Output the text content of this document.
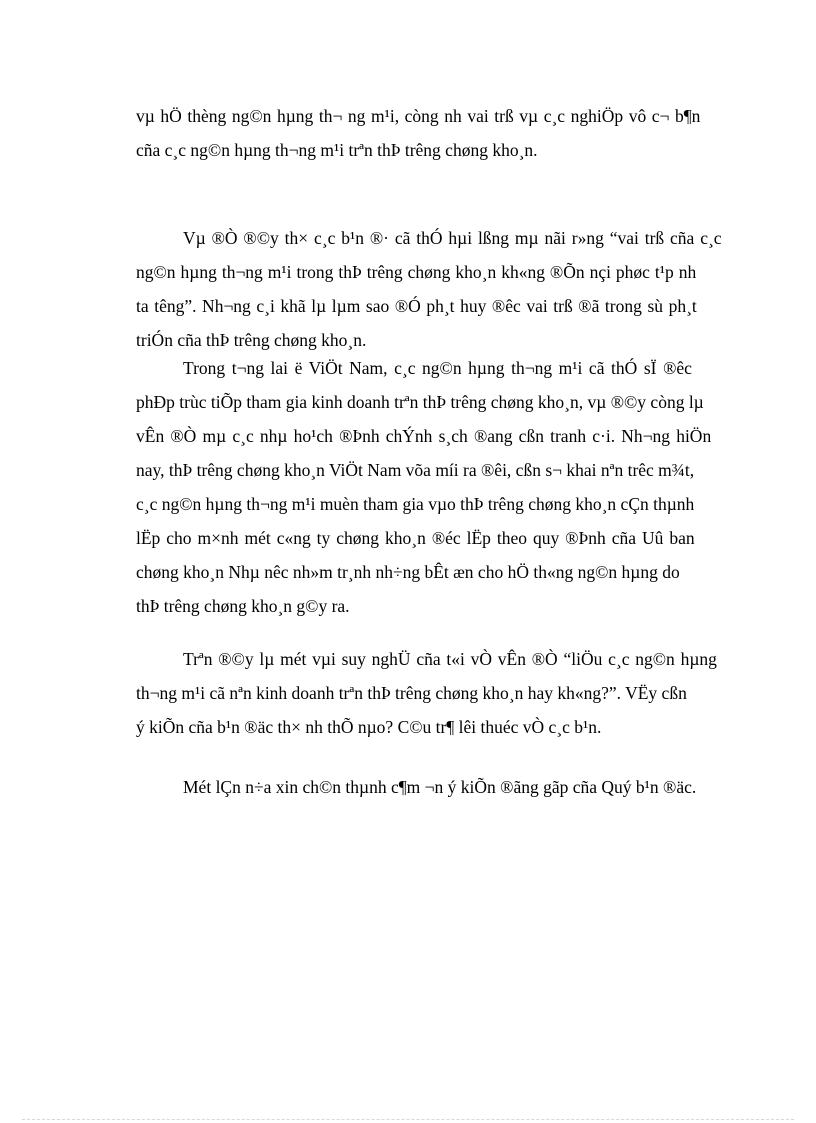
vµ hÖ thèng ng©n hµng th¬ ng m¹i, còng nh vai trß vµ c¸c nghiÖp vô c¬ b¶n
cña c¸c ng©n hµng th¬ng m¹i trªn thÞ trêng chøng kho¸n.
Vµ ®Ò ®©y th× c¸c b¹n ®· cã thÓ hµi lßng mµ nãi r»ng “vai trß cña c¸c
ng©n hµng th¬ng m¹i trong thÞ trêng chøng kho¸n kh«ng ®Õn nçi phøc t¹p nh
ta têng”. Nh¬ng c¸i khã lµ lµm sao ®Ó ph¸t huy ®êc vai trß ®ã trong sù ph¸t
triÓn cña thÞ trêng chøng kho¸n.
Trong t¬ng lai ë ViÖt Nam, c¸c ng©n hµng th¬ng m¹i cã thÓ sÏ ®êc
phÐp trùc tiÕp tham gia kinh doanh trªn thÞ trêng chøng kho¸n, vµ ®©y còng lµ
vÊn ®Ò mµ c¸c nhµ ho¹ch ®Þnh chÝnh s¸ch ®ang cßn tranh c·i. Nh¬ng hiÖn
nay, thÞ trêng chøng kho¸n ViÖt Nam võa míi ra ®êi, cßn s¬ khai nªn trêc m¾t,
c¸c ng©n hµng th¬ng m¹i muèn tham gia vµo thÞ trêng chøng kho¸n cÇn thµnh
lËp cho m×nh mét c«ng ty chøng kho¸n ®éc lËp theo quy ®Þnh cña Uû ban
chøng kho¸n Nhµ nêc nh»m tr¸nh nh÷ng bÊt æn cho hÖ th«ng ng©n hµng do
thÞ trêng chøng kho¸n g©y ra.
Trªn ®©y lµ mét vµi suy nghÜ cña t«i vÒ vÊn ®Ò “liÖu c¸c ng©n hµng
th¬ng m¹i cã nªn kinh doanh trªn thÞ trêng chøng kho¸n hay kh«ng?”. VËy cßn
ý kiÕn cña b¹n ®äc th× nh thÕ nµo? C©u tr¶ lêi thuéc vÒ c¸c b¹n.
Mét lÇn n÷a xin ch©n thµnh c¶m ¬n ý kiÕn ®ãng gãp cña Quý b¹n ®äc.
